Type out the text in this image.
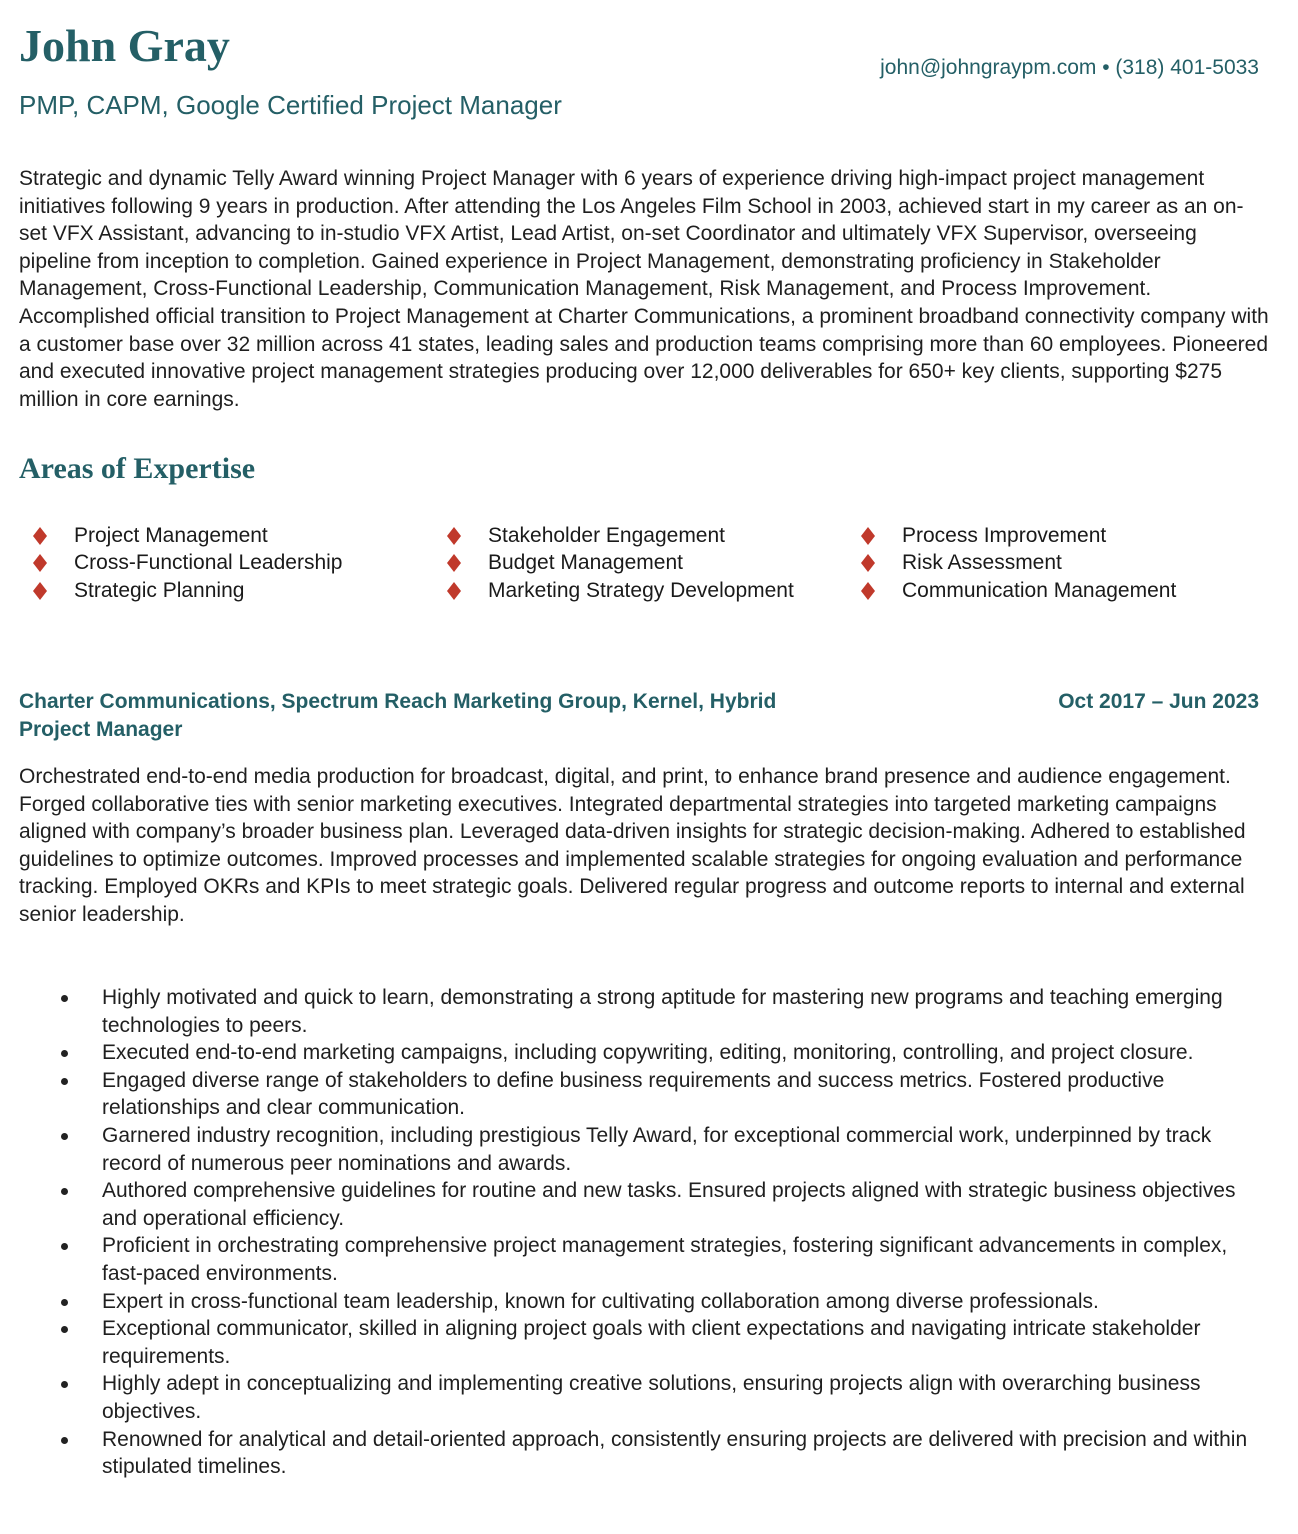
John Gray
PMP, CAPM, Google Certified Project Manager
john@johngraypm.com • (318) 401-5033

Strategic and dynamic Telly Award winning Project Manager with 6 years of experience driving high-impact project management initiatives following 9 years in production. After attending the Los Angeles Film School in 2003, achieved start in my career as an on-set VFX Assistant, advancing to in-studio VFX Artist, Lead Artist, on-set Coordinator and ultimately VFX Supervisor, overseeing pipeline from inception to completion. Gained experience in Project Management, demonstrating proficiency in Stakeholder Management, Cross-Functional Leadership, Communication Management, Risk Management, and Process Improvement. Accomplished official transition to Project Management at Charter Communications, a prominent broadband connectivity company with a customer base over 32 million across 41 states, leading sales and production teams comprising more than 60 employees. Pioneered and executed innovative project management strategies producing over 12,000 deliverables for 650+ key clients, supporting $275 million in core earnings.

Areas of Expertise
Project Management
Cross-Functional Leadership
Strategic Planning
Stakeholder Engagement
Budget Management
Marketing Strategy Development
Process Improvement
Risk Assessment
Communication Management
Charter Communications, Spectrum Reach Marketing Group, Kernel, Hybrid	Oct 2017 – Jun 2023
Project Manager

Orchestrated end-to-end media production for broadcast, digital, and print, to enhance brand presence and audience engagement. Forged collaborative ties with senior marketing executives. Integrated departmental strategies into targeted marketing campaigns aligned with company’s broader business plan. Leveraged data-driven insights for strategic decision-making. Adhered to established guidelines to optimize outcomes. Improved processes and implemented scalable strategies for ongoing evaluation and performance tracking. Employed OKRs and KPIs to meet strategic goals. Delivered regular progress and outcome reports to internal and external senior leadership.

Highly motivated and quick to learn, demonstrating a strong aptitude for mastering new programs and teaching emerging technologies to peers.
Executed end-to-end marketing campaigns, including copywriting, editing, monitoring, controlling, and project closure.
Engaged diverse range of stakeholders to define business requirements and success metrics. Fostered productive relationships and clear communication.
Garnered industry recognition, including prestigious Telly Award, for exceptional commercial work, underpinned by track record of numerous peer nominations and awards.
Authored comprehensive guidelines for routine and new tasks. Ensured projects aligned with strategic business objectives and operational efficiency.
Proficient in orchestrating comprehensive project management strategies, fostering significant advancements in complex, fast-paced environments.
Expert in cross-functional team leadership, known for cultivating collaboration among diverse professionals.
Exceptional communicator, skilled in aligning project goals with client expectations and navigating intricate stakeholder requirements.
Highly adept in conceptualizing and implementing creative solutions, ensuring projects align with overarching business objectives.
Renowned for analytical and detail-oriented approach, consistently ensuring projects are delivered with precision and within stipulated timelines.
